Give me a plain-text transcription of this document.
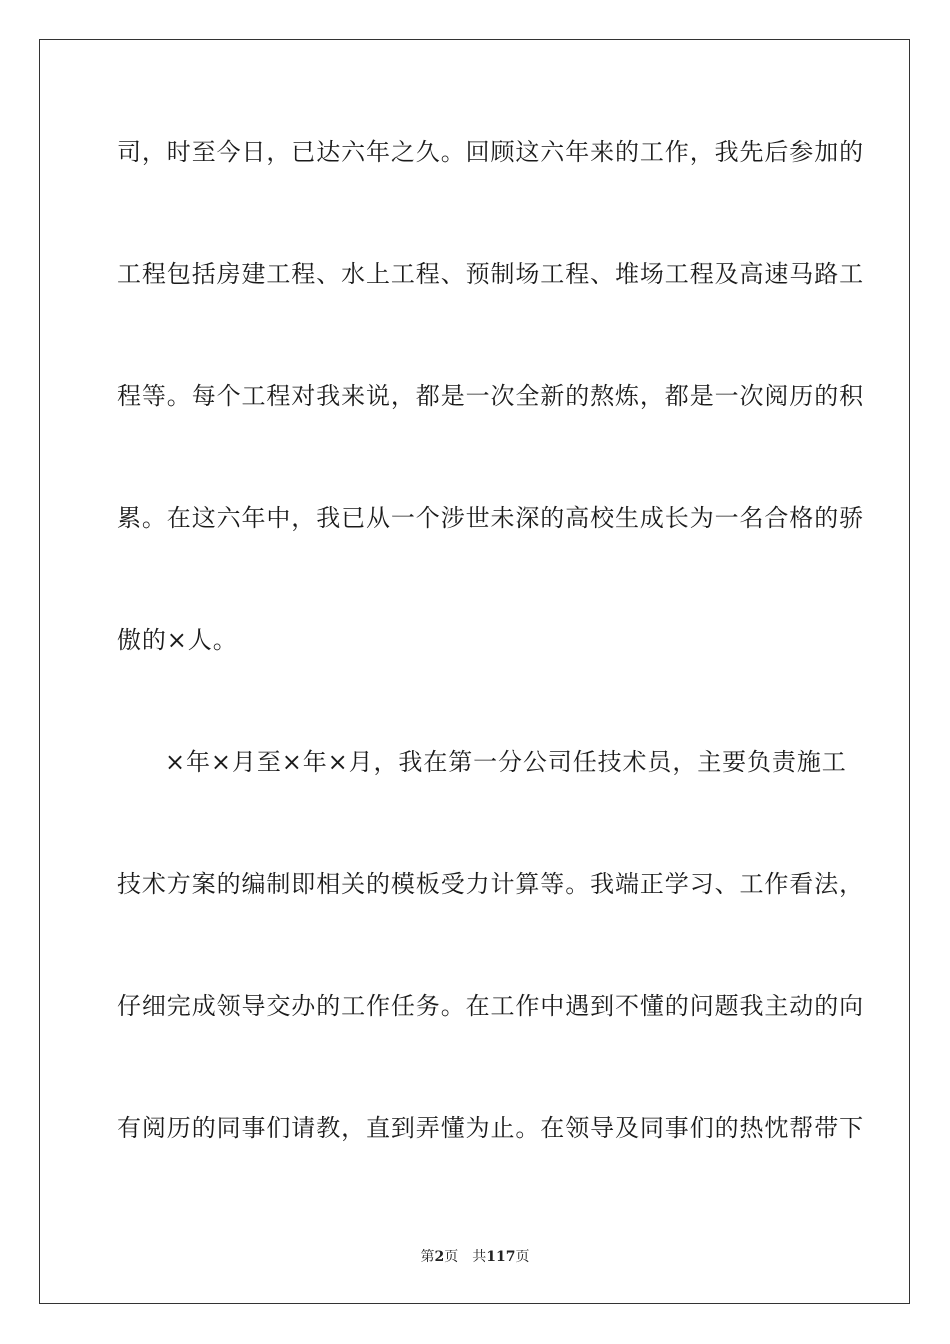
司，时至今日，已达六年之久。回顾这六年来的工作，我先后参加的
工程包括房建工程、水上工程、预制场工程、堆场工程及高速马路工
程等。每个工程对我来说，都是一次全新的熬炼，都是一次阅历的积
累。在这六年中，我已从一个涉世未深的高校生成长为一名合格的骄
傲的×人。
×年×月至×年×月，我在第一分公司任技术员，主要负责施工
技术方案的编制即相关的模板受力计算等。我端正学习、工作看法，
仔细完成领导交办的工作任务。在工作中遇到不懂的问题我主动的向
有阅历的同事们请教，直到弄懂为止。在领导及同事们的热忱帮带下
第2页 共117页
